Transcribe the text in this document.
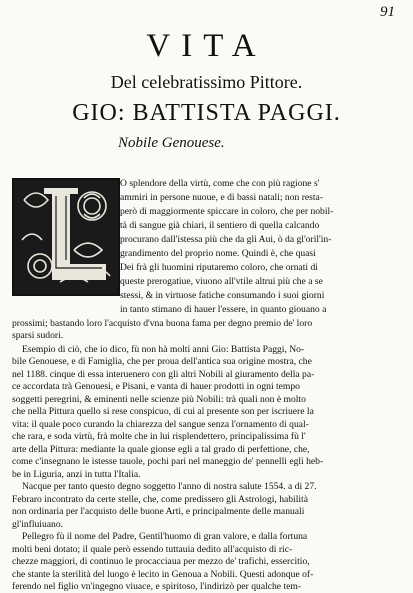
91
VITA
Del celebratissimo Pittore.
GIO: BATTISTA PAGGI.
Nobile Genouese.
O splendore della virtù, come che con più ragione s'
ammiri in persone nuoue, e di bassi natali; non resta-
però di maggiormente spiccare in coloro, che per nobil-
tà di sangue già chiari, il sentiero di quella calcando
procurano dall'istessa più che da gli Aui, ò da gl'oril'in-
grandimento del proprio nome. Quindi è, che quasi
Dei frà gli huomini riputaremo coloro, che ornati di
queste prerogatiue, viuono all'vtile altrui più che a se
stessi, & in virtuose fatiche consumando i suoi giorni
in tanto stimano di hauer l'essere, in quanto giouano a
prossimi; bastando loro l'acquisto d'vna buona fama per degno premio de' loro
sparsi sudori.
Esempio di ciò, che io dico, fù non hà molti anni Gio: Battista Paggi, No-
bile Genouese, e di Famiglia, che per proua dell'antica sua origine mostra, che
nel 1188. cinque di essa interuenero con gli altri Nobili al giuramento della pa-
ce accordata trà Genouesi, e Pisani, e vanta di hauer prodotti in ogni tempo
soggetti peregrini, & eminenti nelle scienze più Nobili: trà quali non è molto
che nella Pittura quello si rese conspicuo, di cui al presente son per iscriuere la
vita: il quale poco curando la chiarezza del sangue senza l'ornamento di qual-
che rara, e soda virtù, frà molte che in lui risplendettero, principalissima fù l'
arte della Pittura: mediante la quale gionse egli a tal grado di perfettione, che,
come c'insegnano le istesse tauole, pochi pari nel maneggio de' pennelli egli heb-
be in Liguria, anzi in tutta l'Italia.
Nacque per tanto questo degno soggetto l'anno di nostra salute 1554. a di 27.
Febraro incontrato da certe stelle, che, come predissero gli Astrologi, habilità
non ordinaria per l'acquisto delle buone Arti, e principalmente delle manuali
gl'influiuano.
Pellegro fù il nome del Padre, Gentil'huomo di gran valore, e dalla fortuna
molti beni dotato; il quale però essendo tuttauia dedito all'acquisto di ric-
chezze maggiori, di continuo le procacciaua per mezzo de' trafichi, essercitio,
che stante la sterilità del luogo è lecito in Genoua a Nobili. Questi adonque of-
ferendo nel figlio vn'ingegno viuace, e spiritoso, l'indirizò per qualche tem-
